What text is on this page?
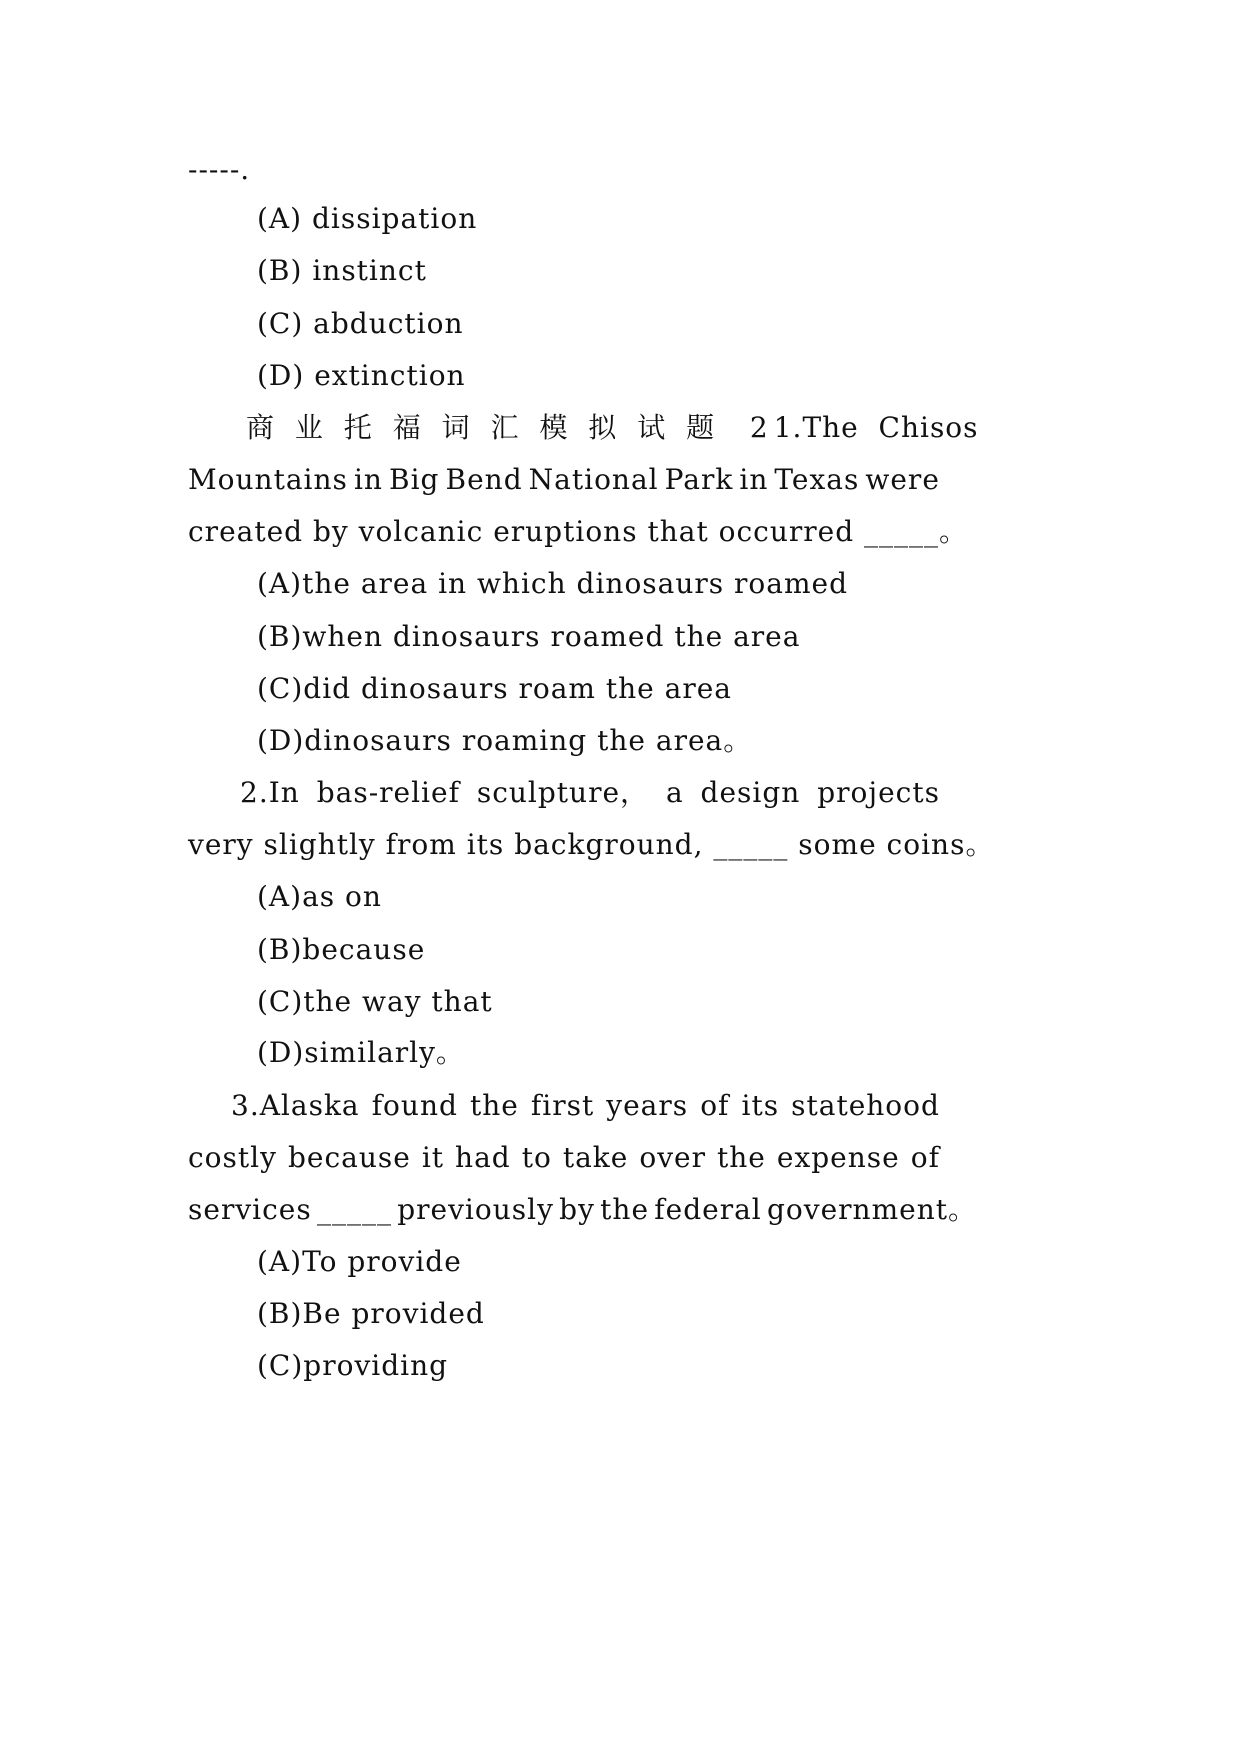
-----.
(A) dissipation
(B) instinct
(C) abduction
(D) extinction
商 业 托 福 词 汇 模 拟 试 题  2 1.The  Chisos
Mountains in Big Bend National Park in Texas were
created by volcanic eruptions that occurred _____。
(A)the area in which dinosaurs roamed
(B)when dinosaurs roamed the area
(C)did dinosaurs roam the area
(D)dinosaurs roaming the area。
2.In bas-relief sculpture， a design projects
very slightly from its background, _____ some coins。
(A)as on
(B)because
(C)the way that
(D)similarly。
3.Alaska found the first years of its statehood
costly because it had to take over the expense of
services _____ previously by the federal government。
(A)To provide
(B)Be provided
(C)providing
